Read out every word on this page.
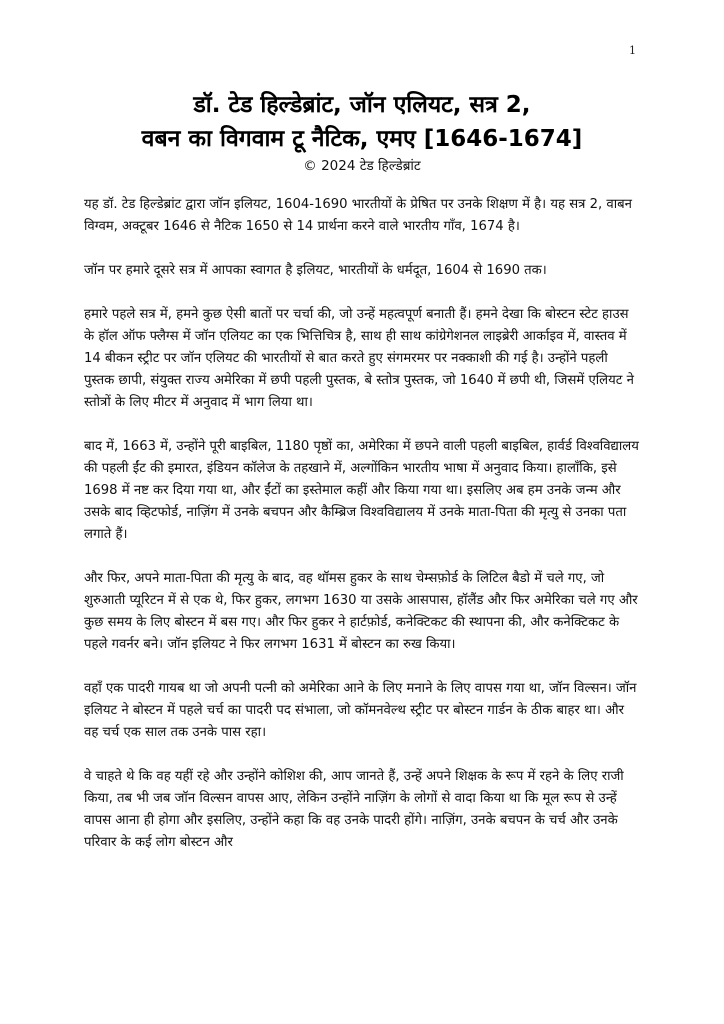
1
डॉ. टेड हिल्डेब्रांट, जॉन एलियट, सत्र 2,
वबन का विगवाम टू नैटिक, एमए [1646-1674]
© 2024 टेड हिल्डेब्रांट

यह डॉ. टेड हिल्डेब्रांट द्वारा जॉन इलियट, 1604-1690 भारतीयों के प्रेषित पर उनके शिक्षण में है। यह सत्र 2, वाबन विग्वम, अक्टूबर 1646 से नैटिक 1650 से 14 प्रार्थना करने वाले भारतीय गाँव, 1674 है।

जॉन पर हमारे दूसरे सत्र में आपका स्वागत है इलियट, भारतीयों के धर्मदूत, 1604 से 1690 तक।

हमारे पहले सत्र में, हमने कुछ ऐसी बातों पर चर्चा की, जो उन्हें महत्वपूर्ण बनाती हैं। हमने देखा कि बोस्टन स्टेट हाउस के हॉल ऑफ फ्लैग्स में जॉन एलियट का एक भित्तिचित्र है, साथ ही साथ कांग्रेगेशनल लाइब्रेरी आर्काइव में, वास्तव में 14 बीकन स्ट्रीट पर जॉन एलियट की भारतीयों से बात करते हुए संगमरमर पर नक्काशी की गई है। उन्होंने पहली पुस्तक छापी, संयुक्त राज्य अमेरिका में छपी पहली पुस्तक, बे स्तोत्र पुस्तक, जो 1640 में छपी थी, जिसमें एलियट ने स्तोत्रों के लिए मीटर में अनुवाद में भाग लिया था।

बाद में, 1663 में, उन्होंने पूरी बाइबिल, 1180 पृष्ठों का, अमेरिका में छपने वाली पहली बाइबिल, हार्वर्ड विश्वविद्यालय की पहली ईंट की इमारत, इंडियन कॉलेज के तहखाने में, अल्गोंकिन भारतीय भाषा में अनुवाद किया। हालाँकि, इसे 1698 में नष्ट कर दिया गया था, और ईंटों का इस्तेमाल कहीं और किया गया था। इसलिए अब हम उनके जन्म और उसके बाद व्हिटफोर्ड, नाज़िंग में उनके बचपन और कैम्ब्रिज विश्वविद्यालय में उनके माता-पिता की मृत्यु से उनका पता लगाते हैं।

और फिर, अपने माता-पिता की मृत्यु के बाद, वह थॉमस हुकर के साथ चेम्सफ़ोर्ड के लिटिल बैडो में चले गए, जो शुरुआती प्यूरिटन में से एक थे, फिर हुकर, लगभग 1630 या उसके आसपास, हॉलैंड और फिर अमेरिका चले गए और कुछ समय के लिए बोस्टन में बस गए। और फिर हुकर ने हार्टफ़ोर्ड, कनेक्टिकट की स्थापना की, और कनेक्टिकट के पहले गवर्नर बने। जॉन इलियट ने फिर लगभग 1631 में बोस्टन का रुख किया।

वहाँ एक पादरी गायब था जो अपनी पत्नी को अमेरिका आने के लिए मनाने के लिए वापस गया था, जॉन विल्सन। जॉन इलियट ने बोस्टन में पहले चर्च का पादरी पद संभाला, जो कॉमनवेल्थ स्ट्रीट पर बोस्टन गार्डन के ठीक बाहर था। और वह चर्च एक साल तक उनके पास रहा।

वे चाहते थे कि वह यहीं रहे और उन्होंने कोशिश की, आप जानते हैं, उन्हें अपने शिक्षक के रूप में रहने के लिए राजी किया, तब भी जब जॉन विल्सन वापस आए, लेकिन उन्होंने नाज़िंग के लोगों से वादा किया था कि मूल रूप से उन्हें वापस आना ही होगा और इसलिए, उन्होंने कहा कि वह उनके पादरी होंगे। नाज़िंग, उनके बचपन के चर्च और उनके परिवार के कई लोग बोस्टन और
